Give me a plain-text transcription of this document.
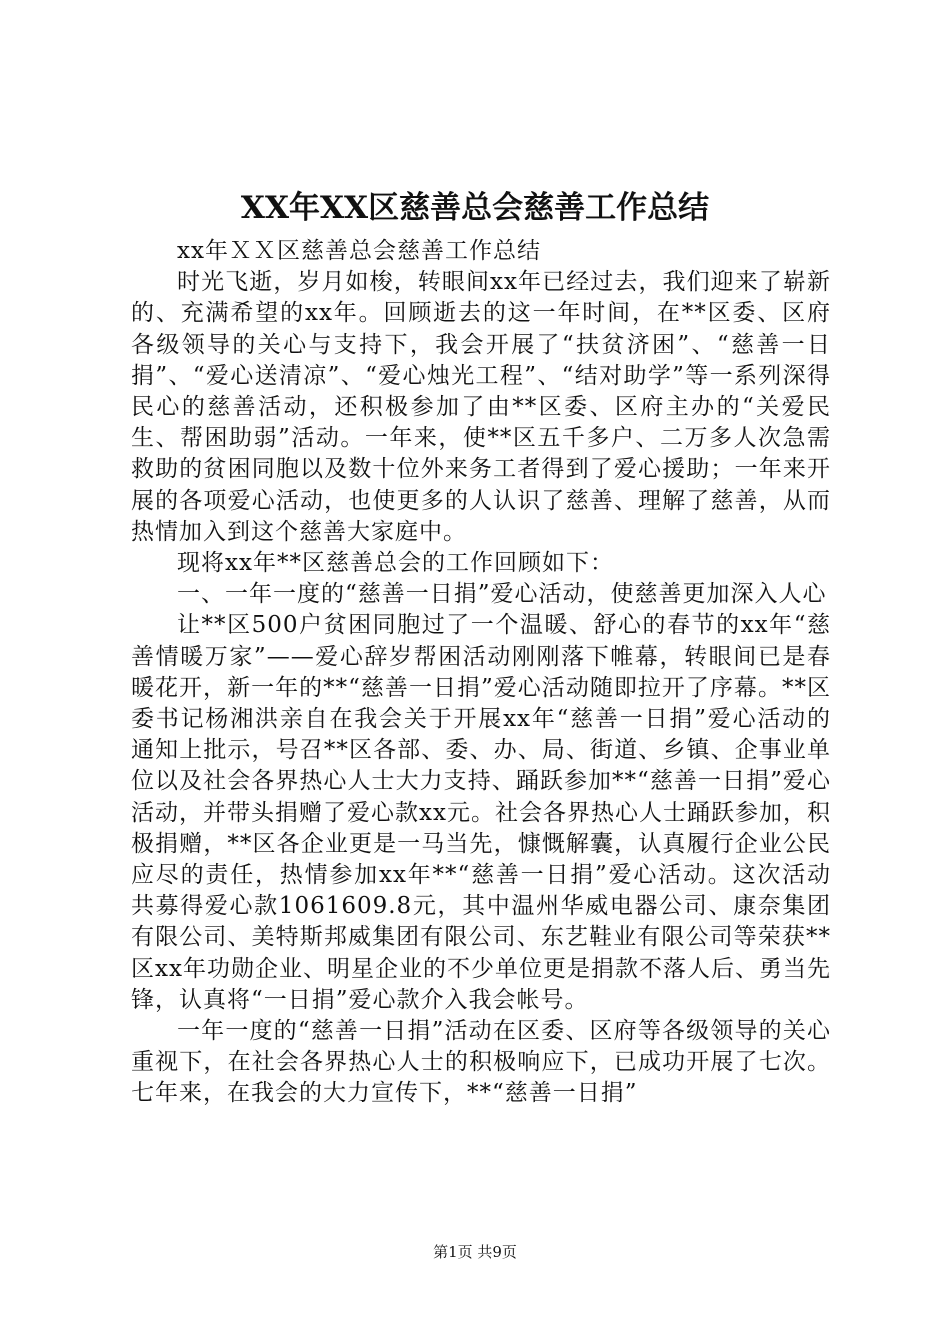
XX年XX区慈善总会慈善工作总结

xx年ＸＸ区慈善总会慈善工作总结

时光飞逝，岁月如梭，转眼间xx年已经过去，我们迎来了崭新的、充满希望的xx年。回顾逝去的这一年时间，在**区委、区府各级领导的关心与支持下，我会开展了“扶贫济困”、“慈善一日捐”、“爱心送清凉”、“爱心烛光工程”、“结对助学”等一系列深得民心的慈善活动，还积极参加了由**区委、区府主办的“关爱民生、帮困助弱”活动。一年来，使**区五千多户、二万多人次急需救助的贫困同胞以及数十位外来务工者得到了爱心援助；一年来开展的各项爱心活动，也使更多的人认识了慈善、理解了慈善，从而热情加入到这个慈善大家庭中。

现将xx年**区慈善总会的工作回顾如下：

一、一年一度的“慈善一日捐”爱心活动，使慈善更加深入人心

让**区500户贫困同胞过了一个温暖、舒心的春节的xx年“慈善情暖万家”——爱心辞岁帮困活动刚刚落下帷幕，转眼间已是春暖花开，新一年的**“慈善一日捐”爱心活动随即拉开了序幕。**区委书记杨湘洪亲自在我会关于开展xx年“慈善一日捐”爱心活动的通知上批示，号召**区各部、委、办、局、街道、乡镇、企事业单位以及社会各界热心人士大力支持、踊跃参加**“慈善一日捐”爱心活动，并带头捐赠了爱心款xx元。社会各界热心人士踊跃参加，积极捐赠，**区各企业更是一马当先，慷慨解囊，认真履行企业公民应尽的责任，热情参加xx年**“慈善一日捐”爱心活动。这次活动共募得爱心款1061609.8元，其中温州华威电器公司、康奈集团有限公司、美特斯邦威集团有限公司、东艺鞋业有限公司等荣获**区xx年功勋企业、明星企业的不少单位更是捐款不落人后、勇当先锋，认真将“一日捐”爱心款介入我会帐号。

一年一度的“慈善一日捐”活动在区委、区府等各级领导的关心重视下，在社会各界热心人士的积极响应下，已成功开展了七次。七年来，在我会的大力宣传下，**“慈善一日捐”

第1页 共9页
